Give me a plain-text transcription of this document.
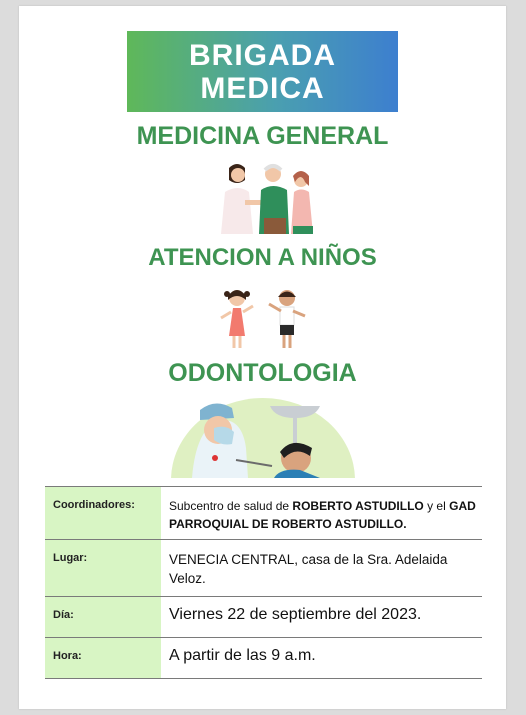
BRIGADA
MEDICA
MEDICINA GENERAL
ATENCION A NIÑOS
ODONTOLOGIA
Coordinadores:	Subcentro de salud de ROBERTO ASTUDILLO y el GAD PARROQUIAL DE ROBERTO ASTUDILLO.
Lugar:	VENECIA CENTRAL, casa de la Sra. Adelaida Veloz.
Día:	Viernes 22 de septiembre del 2023.
Hora:	A partir de las 9 a.m.
